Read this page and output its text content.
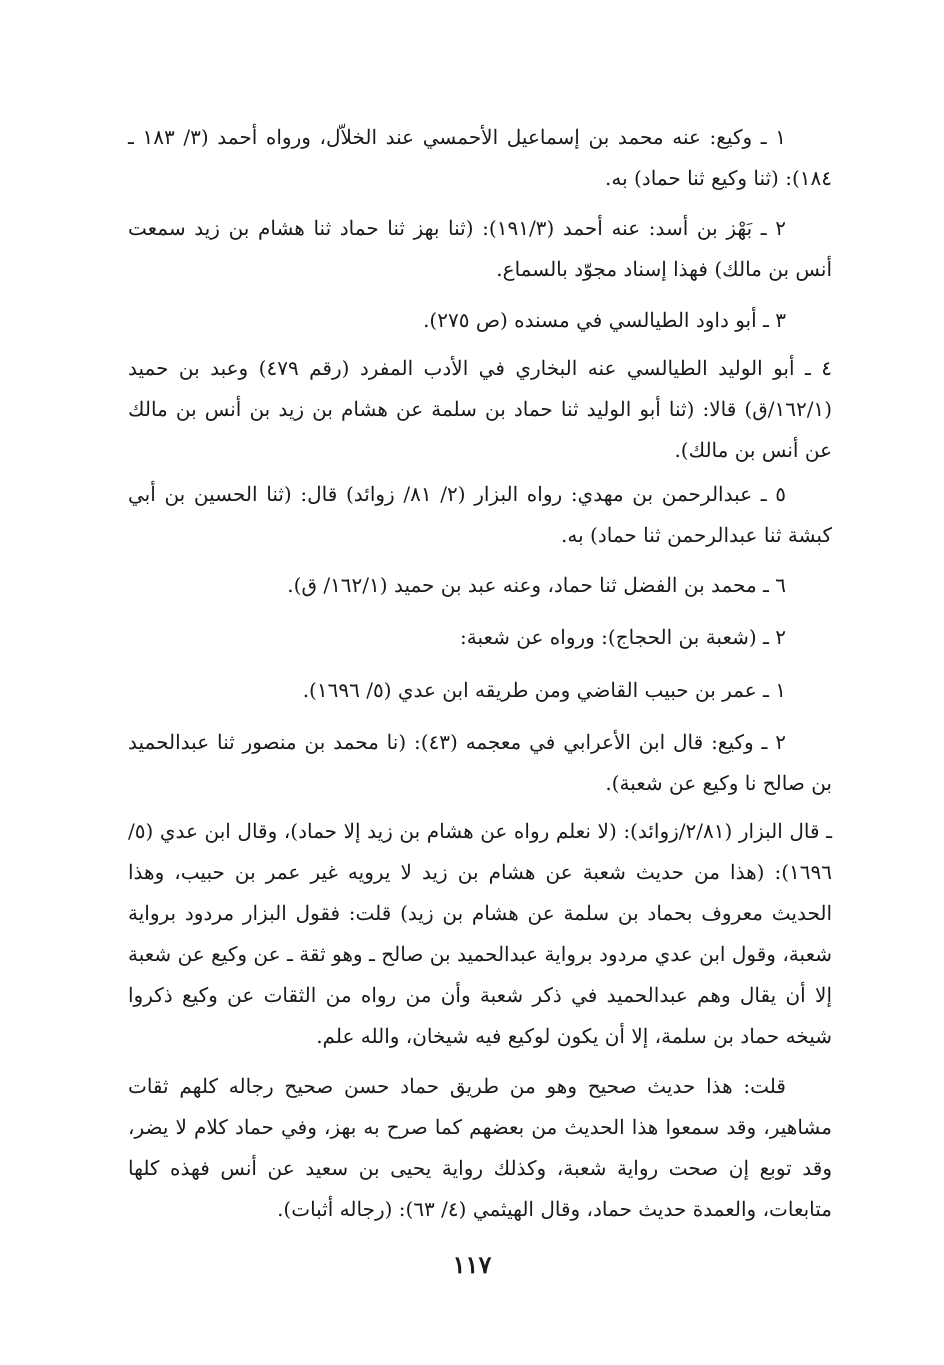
١ ـ وكيع: عنه محمد بن إسماعيل الأحمسي عند الخلاّل، ورواه أحمد (٣/ ١٨٣ ـ ١٨٤): (ثنا وكيع ثنا حماد) به.

٢ ـ بَهْز بن أسد: عنه أحمد (١٩١/٣): (ثنا بهز ثنا حماد ثنا هشام بن زيد سمعت أنس بن مالك) فهذا إسناد مجوّد بالسماع.

٣ ـ أبو داود الطيالسي في مسنده (ص ٢٧٥).

٤ ـ أبو الوليد الطيالسي عنه البخاري في الأدب المفرد (رقم ٤٧٩) وعبد بن حميد (١٦٢/١/ق) قالا: (ثنا أبو الوليد ثنا حماد بن سلمة عن هشام بن زيد بن أنس بن مالك عن أنس بن مالك).

٥ ـ عبدالرحمن بن مهدي: رواه البزار (٢/ ٨١/ زوائد) قال: (ثنا الحسين بن أبي كبشة ثنا عبدالرحمن ثنا حماد) به.

٦ ـ محمد بن الفضل ثنا حماد، وعنه عبد بن حميد (١٦٢/١/ ق).

٢ ـ (شعبة بن الحجاج): ورواه عن شعبة:

١ ـ عمر بن حبيب القاضي ومن طريقه ابن عدي (٥/ ١٦٩٦).

٢ ـ وكيع: قال ابن الأعرابي في معجمه (٤٣): (نا محمد بن منصور ثنا عبدالحميد بن صالح نا وكيع عن شعبة).

ـ قال البزار (٢/٨١/زوائد): (لا نعلم رواه عن هشام بن زيد إلا حماد)، وقال ابن عدي (٥/ ١٦٩٦): (هذا من حديث شعبة عن هشام بن زيد لا يرويه غير عمر بن حبيب، وهذا الحديث معروف بحماد بن سلمة عن هشام بن زيد) قلت: فقول البزار مردود برواية شعبة، وقول ابن عدي مردود برواية عبدالحميد بن صالح ـ وهو ثقة ـ عن وكيع عن شعبة إلا أن يقال وهم عبدالحميد في ذكر شعبة وأن من رواه من الثقات عن وكيع ذكروا شيخه حماد بن سلمة، إلا أن يكون لوكيع فيه شيخان، والله علم.

قلت: هذا حديث صحيح وهو من طريق حماد حسن صحيح رجاله كلهم ثقات مشاهير، وقد سمعوا هذا الحديث من بعضهم كما صرح به بهز، وفي حماد كلام لا يضر، وقد توبع إن صحت رواية شعبة، وكذلك رواية يحيى بن سعيد عن أنس فهذه كلها متابعات، والعمدة حديث حماد، وقال الهيثمي (٤/ ٦٣): (رجاله أثبات).

١١٧
